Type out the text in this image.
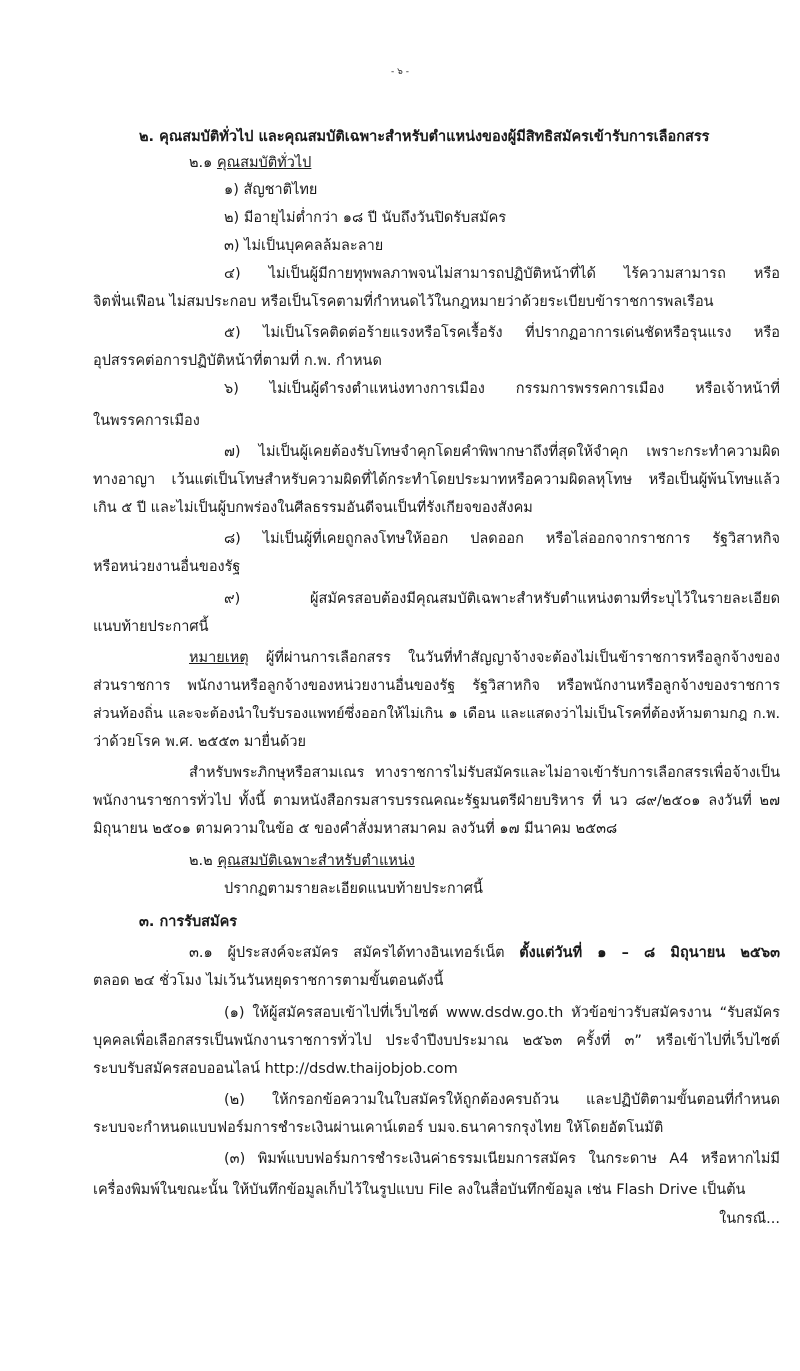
- ๖ -
๒. คุณสมบัติทั่วไป และคุณสมบัติเฉพาะสำหรับตำแหน่งของผู้มีสิทธิสมัครเข้ารับการเลือกสรร
๒.๑ คุณสมบัติทั่วไป
๑) สัญชาติไทย
๒) มีอายุไม่ต่ำกว่า ๑๘ ปี นับถึงวันปิดรับสมัคร
๓) ไม่เป็นบุคคลล้มละลาย
๔) ไม่เป็นผู้มีกายทุพพลภาพจนไม่สามารถปฏิบัติหน้าที่ได้ ไร้ความสามารถ หรือ
จิตฟั่นเฟือน ไม่สมประกอบ หรือเป็นโรคตามที่กำหนดไว้ในกฎหมายว่าด้วยระเบียบข้าราชการพลเรือน
๕) ไม่เป็นโรคติดต่อร้ายแรงหรือโรคเรื้อรัง ที่ปรากฏอาการเด่นชัดหรือรุนแรง หรือ
อุปสรรคต่อการปฏิบัติหน้าที่ตามที่ ก.พ. กำหนด
๖) ไม่เป็นผู้ดำรงตำแหน่งทางการเมือง กรรมการพรรคการเมือง หรือเจ้าหน้าที่
ในพรรคการเมือง
๗) ไม่เป็นผู้เคยต้องรับโทษจำคุกโดยคำพิพากษาถึงที่สุดให้จำคุก เพราะกระทำความผิด
ทางอาญา เว้นแต่เป็นโทษสำหรับความผิดที่ได้กระทำโดยประมาทหรือความผิดลหุโทษ หรือเป็นผู้พ้นโทษแล้ว
เกิน ๕ ปี และไม่เป็นผู้บกพร่องในศีลธรรมอันดีจนเป็นที่รังเกียจของสังคม
๘) ไม่เป็นผู้ที่เคยถูกลงโทษให้ออก ปลดออก หรือไล่ออกจากราชการ รัฐวิสาหกิจ
หรือหน่วยงานอื่นของรัฐ
๙) ผู้สมัครสอบต้องมีคุณสมบัติเฉพาะสำหรับตำแหน่งตามที่ระบุไว้ในรายละเอียด
แนบท้ายประกาศนี้
หมายเหตุ ผู้ที่ผ่านการเลือกสรร ในวันที่ทำสัญญาจ้างจะต้องไม่เป็นข้าราชการหรือลูกจ้างของ
ส่วนราชการ พนักงานหรือลูกจ้างของหน่วยงานอื่นของรัฐ รัฐวิสาหกิจ หรือพนักงานหรือลูกจ้างของราชการ
ส่วนท้องถิ่น และจะต้องนำใบรับรองแพทย์ซึ่งออกให้ไม่เกิน ๑ เดือน และแสดงว่าไม่เป็นโรคที่ต้องห้ามตามกฎ ก.พ.
ว่าด้วยโรค พ.ศ. ๒๕๕๓ มายื่นด้วย
สำหรับพระภิกษุหรือสามเณร ทางราชการไม่รับสมัครและไม่อาจเข้ารับการเลือกสรรเพื่อจ้างเป็น
พนักงานราชการทั่วไป ทั้งนี้ ตามหนังสือกรมสารบรรณคณะรัฐมนตรีฝ่ายบริหาร ที่ นว ๘๙/๒๕๐๑ ลงวันที่ ๒๗
มิถุนายน ๒๕๐๑ ตามความในข้อ ๕ ของคำสั่งมหาสมาคม ลงวันที่ ๑๗ มีนาคม ๒๕๓๘
๒.๒ คุณสมบัติเฉพาะสำหรับตำแหน่ง
ปรากฏตามรายละเอียดแนบท้ายประกาศนี้
๓. การรับสมัคร
๓.๑ ผู้ประสงค์จะสมัคร สมัครได้ทางอินเทอร์เน็ต ตั้งแต่วันที่ ๑ – ๘ มิถุนายน ๒๕๖๓
ตลอด ๒๔ ชั่วโมง ไม่เว้นวันหยุดราชการตามขั้นตอนดังนี้
(๑) ให้ผู้สมัครสอบเข้าไปที่เว็บไซต์ www.dsdw.go.th หัวข้อข่าวรับสมัครงาน “รับสมัคร
บุคคลเพื่อเลือกสรรเป็นพนักงานราชการทั่วไป ประจำปีงบประมาณ ๒๕๖๓ ครั้งที่ ๓” หรือเข้าไปที่เว็บไซต์
ระบบรับสมัครสอบออนไลน์ http://dsdw.thaijobjob.com
(๒) ให้กรอกข้อความในใบสมัครให้ถูกต้องครบถ้วน และปฏิบัติตามขั้นตอนที่กำหนด
ระบบจะกำหนดแบบฟอร์มการชำระเงินผ่านเคาน์เตอร์ บมจ.ธนาคารกรุงไทย ให้โดยอัตโนมัติ
(๓) พิมพ์แบบฟอร์มการชำระเงินค่าธรรมเนียมการสมัคร ในกระดาษ A4 หรือหากไม่มี
เครื่องพิมพ์ในขณะนั้น ให้บันทึกข้อมูลเก็บไว้ในรูปแบบ File ลงในสื่อบันทึกข้อมูล เช่น Flash Drive เป็นต้น
ในกรณี...
